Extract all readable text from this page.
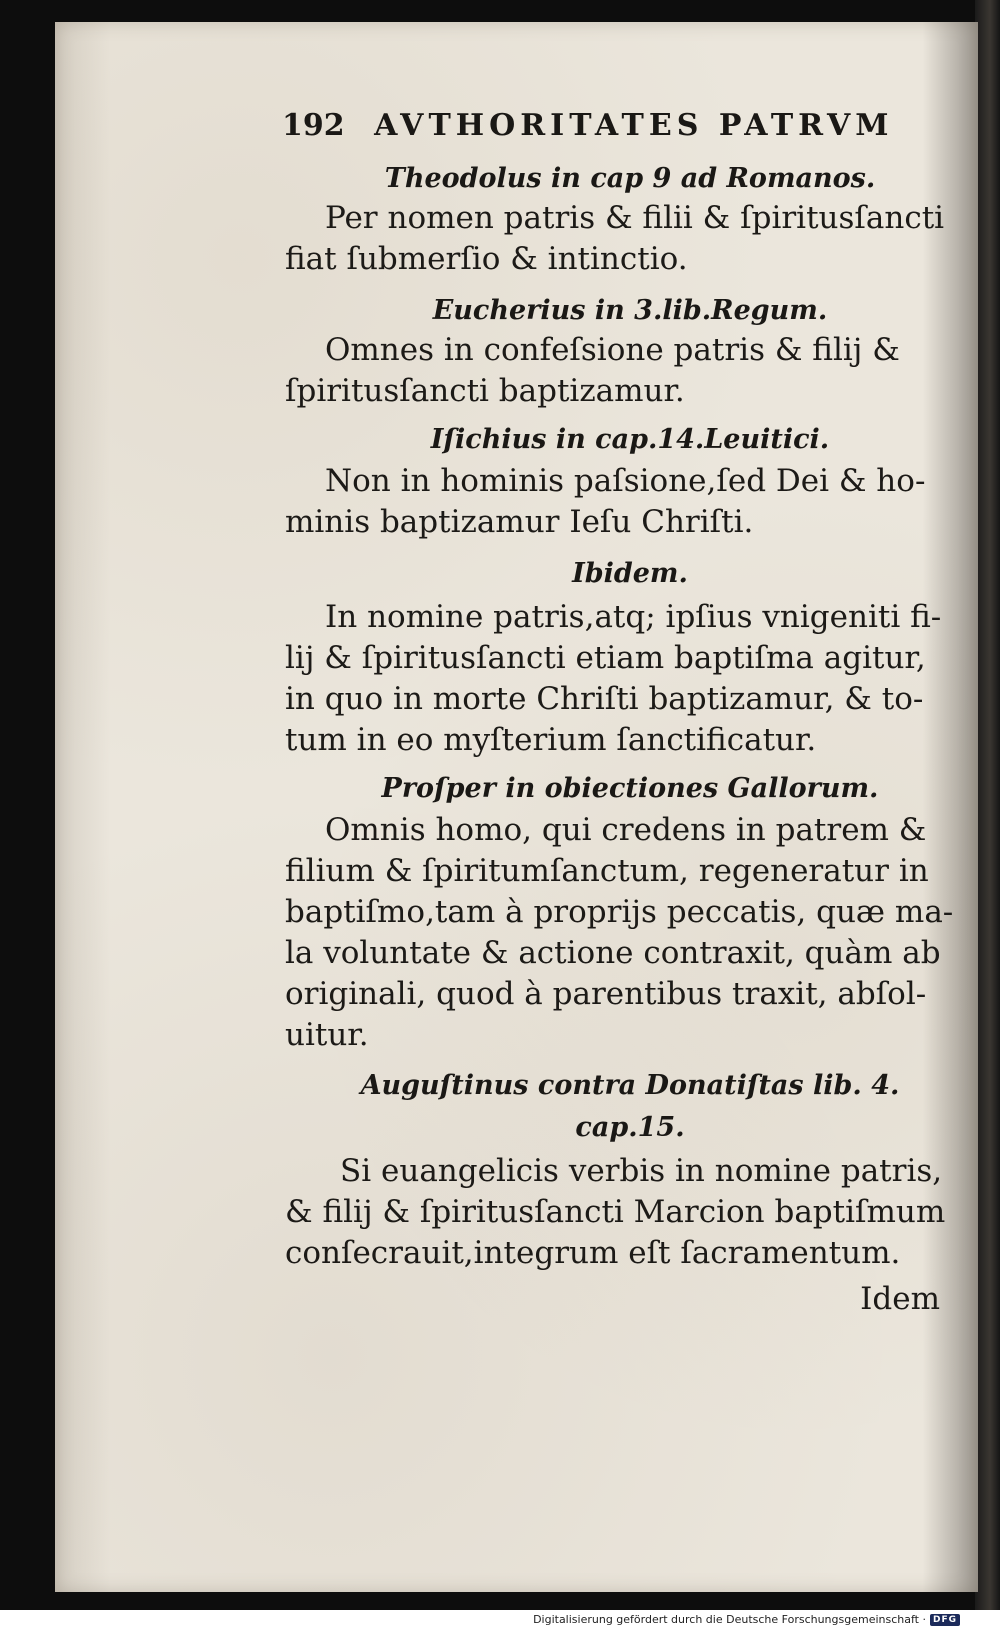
192 AVTHORITATES PATRVM
Theodolus in cap 9 ad Romanos.
Per nomen patris & filii & ſpiritusſancti
fiat ſubmerſio & intinctio.
Eucherius in 3.lib.Regum.
Omnes in confeſsione patris & filij &
ſpiritusſancti baptizamur.
Iſichius in cap.14.Leuitici.
Non in hominis paſsione,ſed Dei & ho-
minis baptizamur Ieſu Chriſti.
Ibidem.
In nomine patris,atq; ipſius vnigeniti fi-
lij & ſpiritusſancti etiam baptiſma agitur,
in quo in morte Chriſti baptizamur, & to-
tum in eo myſterium ſanctificatur.
Proſper in obiectiones Gallorum.
Omnis homo, qui credens in patrem &
filium & ſpiritumſanctum, regeneratur in
baptiſmo,tam à proprijs peccatis, quæ ma-
la voluntate & actione contraxit, quàm ab
originali, quod à parentibus traxit, abſol-
uitur.
Auguſtinus contra Donatiſtas lib. 4.
cap.15.
Si euangelicis verbis in nomine patris,
& filij & ſpiritusſancti Marcion baptiſmum
conſecrauit,integrum eſt ſacramentum.
Idem
Digitalisierung gefördert durch die Deutsche Forschungsgemeinschaft · DFG
